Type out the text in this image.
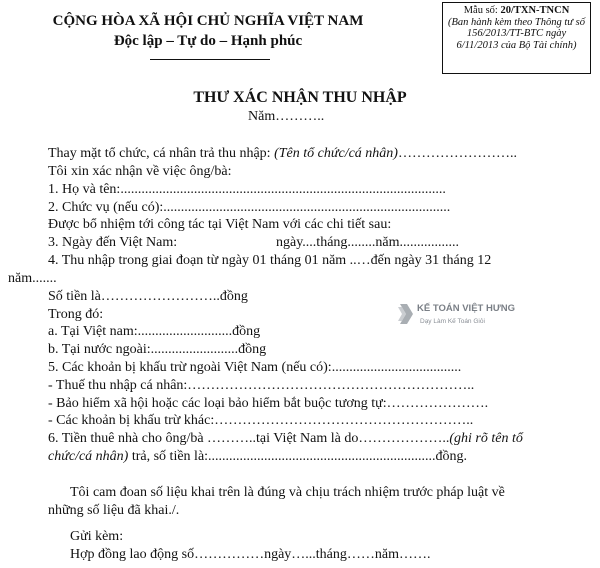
CỘNG HÒA XÃ HỘI CHỦ NGHĨA VIỆT NAM
Độc lập – Tự do – Hạnh phúc
Mẫu số: 20/TXN-TNCN
(Ban hành kèm theo Thông tư số
156/2013/TT-BTC ngày
6/11/2013 của Bộ Tài chính)
THƯ XÁC NHẬN THU NHẬP
Năm………..
Thay mặt tổ chức, cá nhân trả thu nhập: (Tên tổ chức/cá nhân)……………………..
Tôi xin xác nhận về việc ông/bà:
1. Họ và tên:.............................................................................................
2. Chức vụ (nếu có):..................................................................................
Được bổ nhiệm tới công tác tại Việt Nam với các chi tiết sau:
3. Ngày đến Việt Nam:	ngày....tháng........năm.................
4. Thu nhập trong giai đoạn từ ngày 01 tháng 01 năm ..…đến ngày 31 tháng 12
năm.......
Số tiền là……………………..đồng
Trong đó:
a. Tại Việt nam:...........................đồng
b. Tại nước ngoài:.........................đồng
5. Các khoản bị khấu trừ ngoài Việt Nam (nếu có):.....................................
- Thuế thu nhập cá nhân:……………………………………………………..
- Bảo hiểm xã hội hoặc các loại bảo hiểm bắt buộc tương tự:………………….
- Các khoản bị khấu trừ khác:………………………………………………..
6. Tiền thuê nhà cho ông/bà ………..tại Việt Nam là do………………..(ghi rõ tên tổ
chức/cá nhân) trả, số tiền là:.................................................................đồng.
Tôi cam đoan số liệu khai trên là đúng và chịu trách nhiệm trước pháp luật về
những số liệu đã khai./.
Gửi kèm:
Hợp đồng lao động số……………ngày…...tháng……năm…….
KẾ TOÁN VIỆT HƯNG
Dạy Làm Kế Toán Giỏi
